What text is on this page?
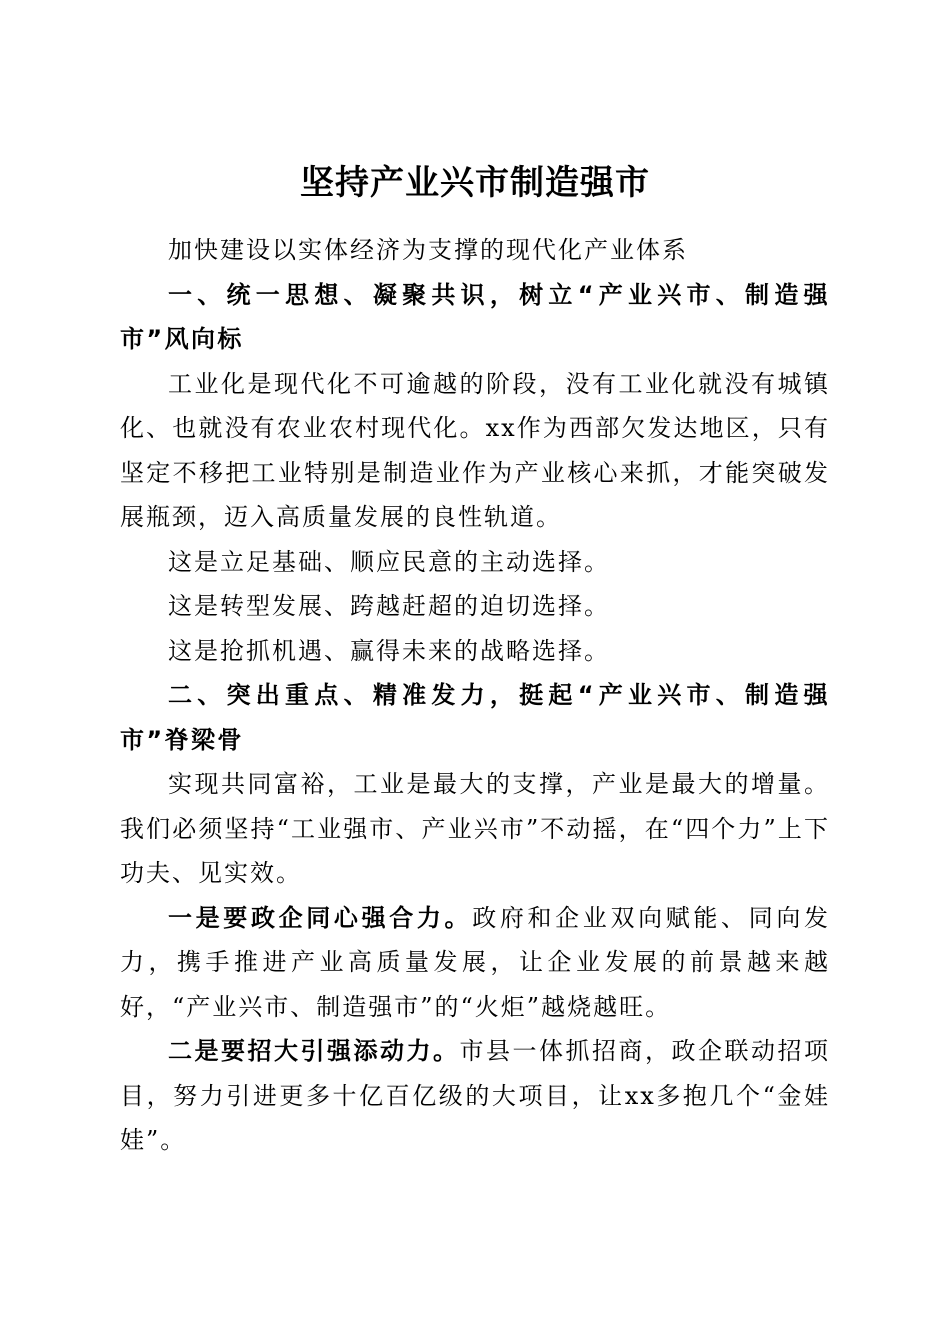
坚持产业兴市制造强市

加快建设以实体经济为支撑的现代化产业体系

一、统一思想、凝聚共识，树立“产业兴市、制造强市”风向标

工业化是现代化不可逾越的阶段，没有工业化就没有城镇化、也就没有农业农村现代化。xx作为西部欠发达地区，只有坚定不移把工业特别是制造业作为产业核心来抓，才能突破发展瓶颈，迈入高质量发展的良性轨道。

这是立足基础、顺应民意的主动选择。

这是转型发展、跨越赶超的迫切选择。

这是抢抓机遇、赢得未来的战略选择。

二、突出重点、精准发力，挺起“产业兴市、制造强市”脊梁骨

实现共同富裕，工业是最大的支撑，产业是最大的增量。我们必须坚持“工业强市、产业兴市”不动摇，在“四个力”上下功夫、见实效。

一是要政企同心强合力。政府和企业双向赋能、同向发力，携手推进产业高质量发展，让企业发展的前景越来越好，“产业兴市、制造强市”的“火炬”越烧越旺。

二是要招大引强添动力。市县一体抓招商，政企联动招项目，努力引进更多十亿百亿级的大项目，让xx多抱几个“金娃娃”。
